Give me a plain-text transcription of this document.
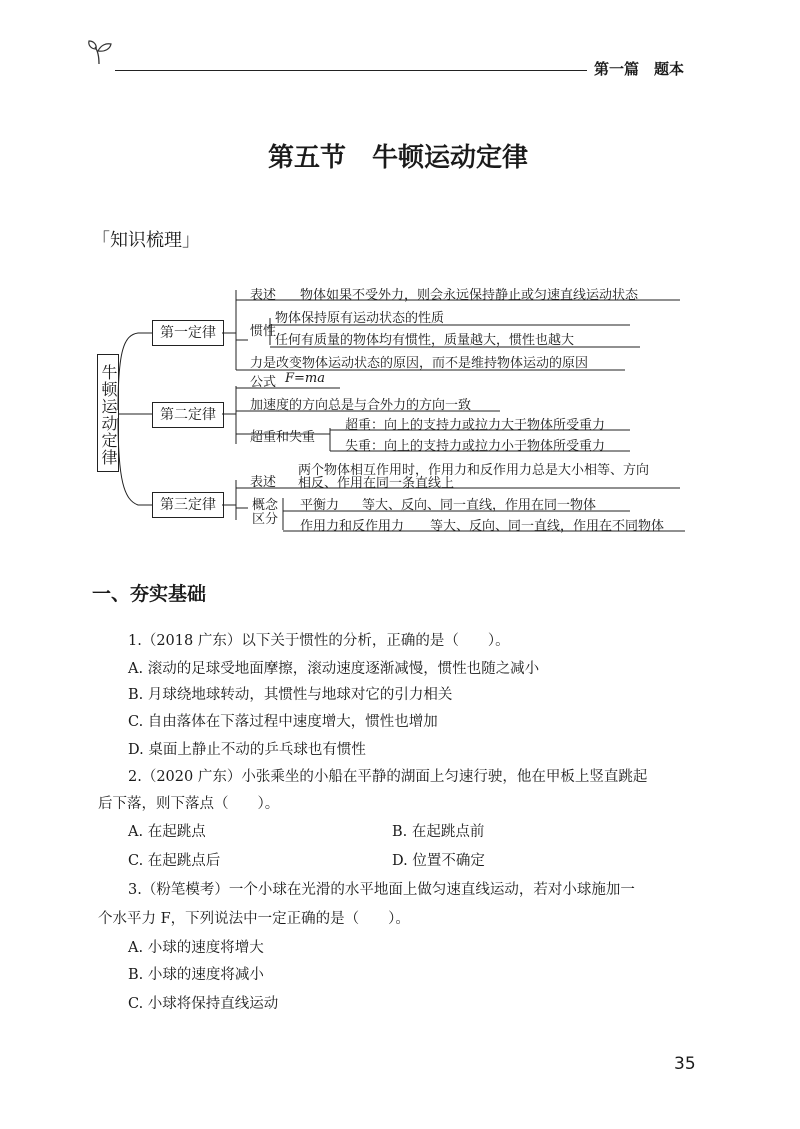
第一篇　题本
第五节　牛顿运动定律
「知识梳理」
牛顿运动定律
第一定律
第二定律
第三定律
表述 物体如果不受外力，则会永远保持静止或匀速直线运动状态
惯性
物体保持原有运动状态的性质
任何有质量的物体均有惯性，质量越大，惯性也越大
力是改变物体运动状态的原因，而不是维持物体运动的原因
公式 F=ma
加速度的方向总是与合外力的方向一致
超重和失重
超重：向上的支持力或拉力大于物体所受重力
失重：向上的支持力或拉力小于物体所受重力
表述
两个物体相互作用时，作用力和反作用力总是大小相等、方向
相反、作用在同一条直线上
概念
区分
平衡力 等大、反向、同一直线，作用在同一物体
作用力和反作用力 等大、反向、同一直线，作用在不同物体
一、夯实基础
1.（2018 广东）以下关于惯性的分析，正确的是（　　）。
A. 滚动的足球受地面摩擦，滚动速度逐渐减慢，惯性也随之减小
B. 月球绕地球转动，其惯性与地球对它的引力相关
C. 自由落体在下落过程中速度增大，惯性也增加
D. 桌面上静止不动的乒乓球也有惯性
2.（2020 广东）小张乘坐的小船在平静的湖面上匀速行驶，他在甲板上竖直跳起
后下落，则下落点（　　）。
A. 在起跳点	B. 在起跳点前
C. 在起跳点后	D. 位置不确定
3.（粉笔模考）一个小球在光滑的水平地面上做匀速直线运动，若对小球施加一
个水平力 F，下列说法中一定正确的是（　　）。
A. 小球的速度将增大
B. 小球的速度将减小
C. 小球将保持直线运动
35
